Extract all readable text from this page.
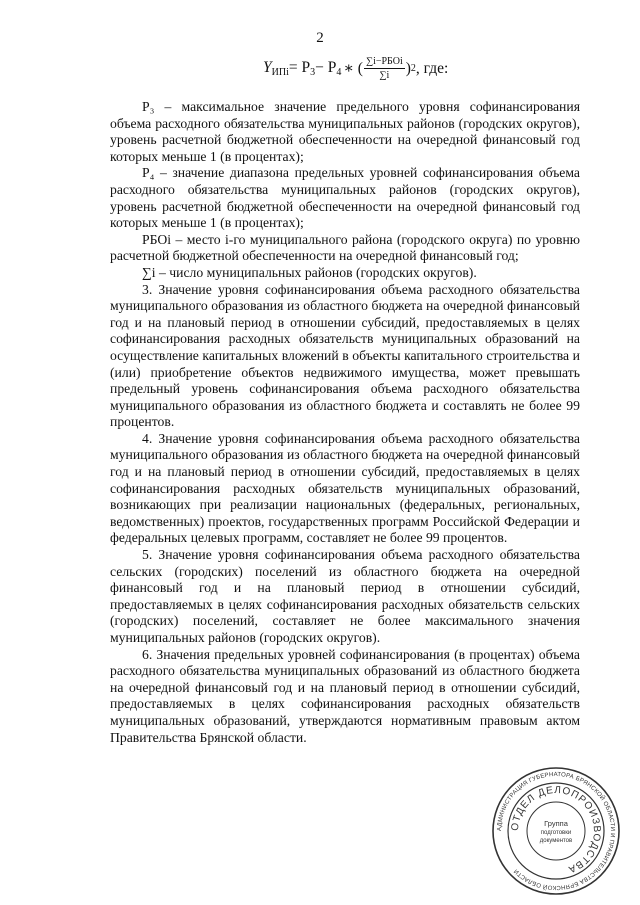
2
$Y_{ИПi} = P_3 - P_4$ ∗ ( $\frac{\text{∑i−РБОi}}{\sum i}$ ) 2 , где:

Р₃ – максимальное значение предельного уровня софинансирования объема расходного обязательства муниципальных районов (городских округов), уровень расчетной бюджетной обеспеченности на очередной финансовый год которых меньше 1 (в процентах);

Р₄ – значение диапазона предельных уровней софинансирования объема расходного обязательства муниципальных районов (городских округов), уровень расчетной бюджетной обеспеченности на очередной финансовый год которых меньше 1 (в процентах);

РБОi – место i-го муниципального района (городского округа) по уровню расчетной бюджетной обеспеченности на очередной финансовый год;

∑i – число муниципальных районов (городских округов).

3. Значение уровня софинансирования объема расходного обязательства муниципального образования из областного бюджета на очередной финансовый год и на плановый период в отношении субсидий, предоставляемых в целях софинансирования расходных обязательств муниципальных образований на осуществление капитальных вложений в объекты капитального строительства и (или) приобретение объектов недвижимого имущества, может превышать предельный уровень софинансирования объема расходного обязательства муниципального образования из областного бюджета и составлять не более 99 процентов.

4. Значение уровня софинансирования объема расходного обязательства муниципального образования из областного бюджета на очередной финансовый год и на плановый период в отношении субсидий, предоставляемых в целях софинансирования расходных обязательств муниципальных образований, возникающих при реализации национальных (федеральных, региональных, ведомственных) проектов, государственных программ Российской Федерации и федеральных целевых программ, составляет не более 99 процентов.

5. Значение уровня софинансирования объема расходного обязательства сельских (городских) поселений из областного бюджета на очередной финансовый год и на плановый период в отношении субсидий, предоставляемых в целях софинансирования расходных обязательств сельских (городских) поселений, составляет не более максимального значения муниципальных районов (городских округов).

6. Значения предельных уровней софинансирования (в процентах) объема расходного обязательства муниципальных образований из областного бюджета на очередной финансовый год и на плановый период в отношении субсидий, предоставляемых в целях софинансирования расходных обязательств муниципальных образований, утверждаются нормативным правовым актом Правительства Брянской области.

АДМИНИСТРАЦИЯ ГУБЕРНАТОРА БРЯНСКОЙ ОБЛАСТИ И ПРАВИТЕЛЬСТВА БРЯНСКОЙ ОБЛАСТИ
ОТДЕЛ ДЕЛОПРОИЗВОДСТВА
Группа
подготовки
документов
